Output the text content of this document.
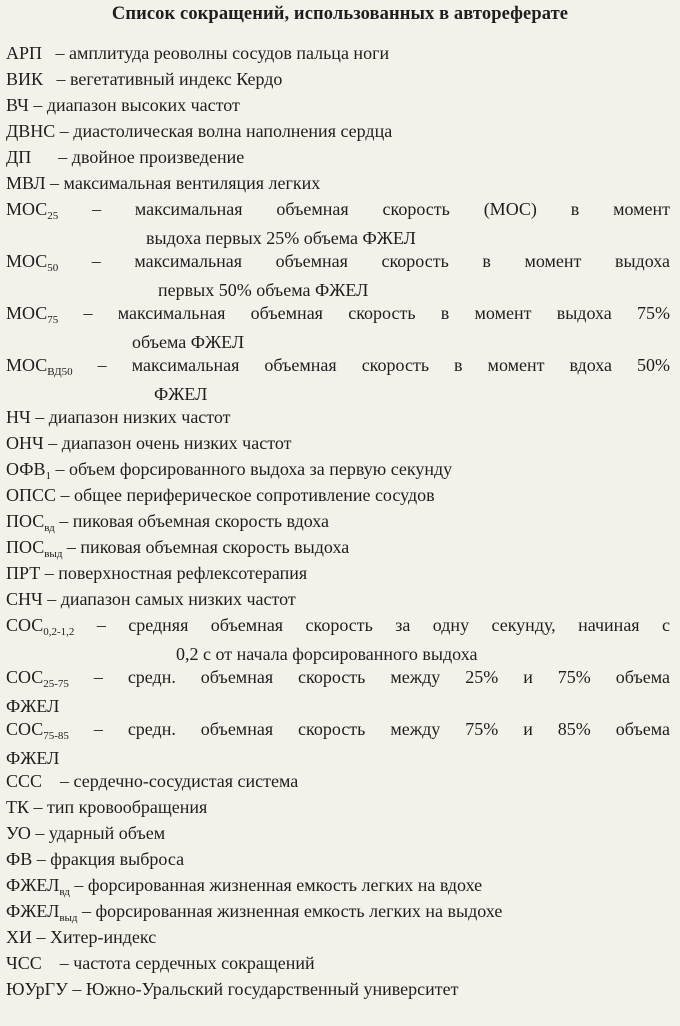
Список сокращений, использованных в автореферате
АРП   – амплитуда реоволны сосудов пальца ноги
ВИК   – вегетативный индекс Кердо
ВЧ – диапазон высоких частот
ДВНС – диастолическая волна наполнения сердца
ДП      – двойное произведение
МВЛ – максимальная вентиляция легких
$МОС_{25}$ – максимальная объемная скорость (МОС) в момент
выдоха первых 25% объема ФЖЕЛ
$МОС_{50}$ – максимальная объемная скорость в момент выдоха
первых 50% объема ФЖЕЛ
$МОС_{75}$ – максимальная объемная скорость в момент выдоха 75%
объема ФЖЕЛ
$МОС_{ВД50}$ – максимальная объемная скорость в момент вдоха 50%
ФЖЕЛ
НЧ – диапазон низких частот
ОНЧ – диапазон очень низких частот
$ОФВ_1$ – объем форсированного выдоха за первую секунду
ОПСС – общее периферическое сопротивление сосудов
$ПОС_{вд}$ – пиковая объемная скорость вдоха
$ПОС_{выд}$ – пиковая объемная скорость выдоха
ПРТ – поверхностная рефлексотерапия
СНЧ – диапазон самых низких частот
$СОС_{0,2-1,2}$ – средняя объемная скорость за одну секунду, начиная с
0,2 с от начала форсированного выдоха
$СОС_{25-75}$ – средн. объемная скорость между 25% и 75% объема
ФЖЕЛ
$СОС_{75-85}$ – средн. объемная скорость между 75% и 85% объема
ФЖЕЛ
ССС    – сердечно-сосудистая система
ТК – тип кровообращения
УО – ударный объем
ФВ – фракция выброса
$ФЖЕЛ_{вд}$ – форсированная жизненная емкость легких на вдохе
$ФЖЕЛ_{выд}$ – форсированная жизненная емкость легких на выдохе
ХИ – Хитер-индекс
ЧСС    – частота сердечных сокращений
ЮУрГУ – Южно-Уральский государственный университет
